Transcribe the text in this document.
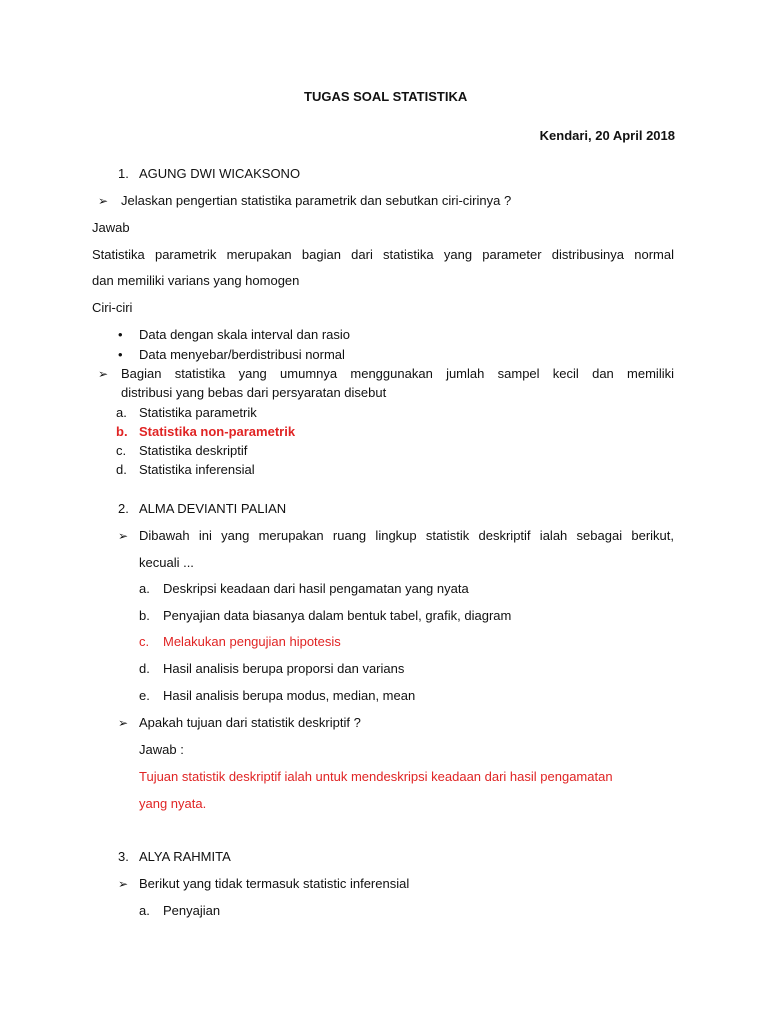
TUGAS SOAL STATISTIKA
Kendari, 20 April 2018
1. AGUNG DWI WICAKSONO
➢ Jelaskan pengertian statistika parametrik dan sebutkan ciri-cirinya ?
Jawab
Statistika parametrik merupakan bagian dari statistika yang parameter distribusinya normal
dan memiliki varians yang homogen
Ciri-ciri
• Data dengan skala interval dan rasio
• Data menyebar/berdistribusi normal
➢ Bagian statistika yang umumnya menggunakan jumlah sampel kecil dan memiliki
distribusi yang bebas dari persyaratan disebut
a. Statistika parametrik
b. Statistika non-parametrik
c. Statistika deskriptif
d. Statistika inferensial
2. ALMA DEVIANTI PALIAN
➢ Dibawah ini yang merupakan ruang lingkup statistik deskriptif ialah sebagai berikut,
kecuali ...
a. Deskripsi keadaan dari hasil pengamatan yang nyata
b. Penyajian data biasanya dalam bentuk tabel, grafik, diagram
c. Melakukan pengujian hipotesis
d. Hasil analisis berupa proporsi dan varians
e. Hasil analisis berupa modus, median, mean
➢ Apakah tujuan dari statistik deskriptif ?
Jawab :
Tujuan statistik deskriptif ialah untuk mendeskripsi keadaan dari hasil pengamatan
yang nyata.
3. ALYA RAHMITA
➢ Berikut yang tidak termasuk statistic inferensial
a. Penyajian
